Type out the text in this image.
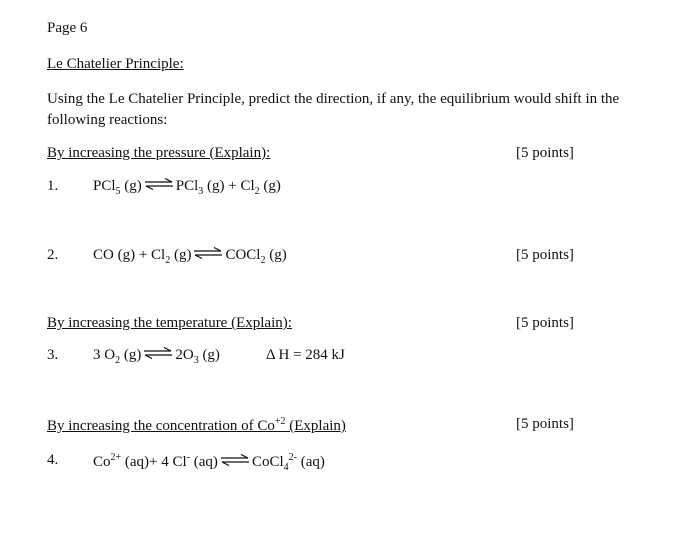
Page 6
Le Chatelier Principle:
Using the Le Chatelier Principle, predict the direction, if any, the equilibrium would shift in the following reactions:
By increasing the pressure (Explain):	[5 points]
1. PCl$_5$ (g) ⇌ PCl$_3$ $(g) + Cl_2$ (g)
2. CO $(g) + Cl_2$ (g) ⇌ COCl$_2$ (g)	[5 points]
By increasing the temperature (Explain):	[5 points]
3. 3 $O_2$ (g) ⇌ $2O_3$ (g)	Δ H = 284 kJ
By increasing the concentration of $Co^{+2}$ (Explain)	[5 points]
4. $Co^{2+}$ (aq)+ 4 Cl- (aq) ⇌ CoCl$_4^{2-}$ (aq)
